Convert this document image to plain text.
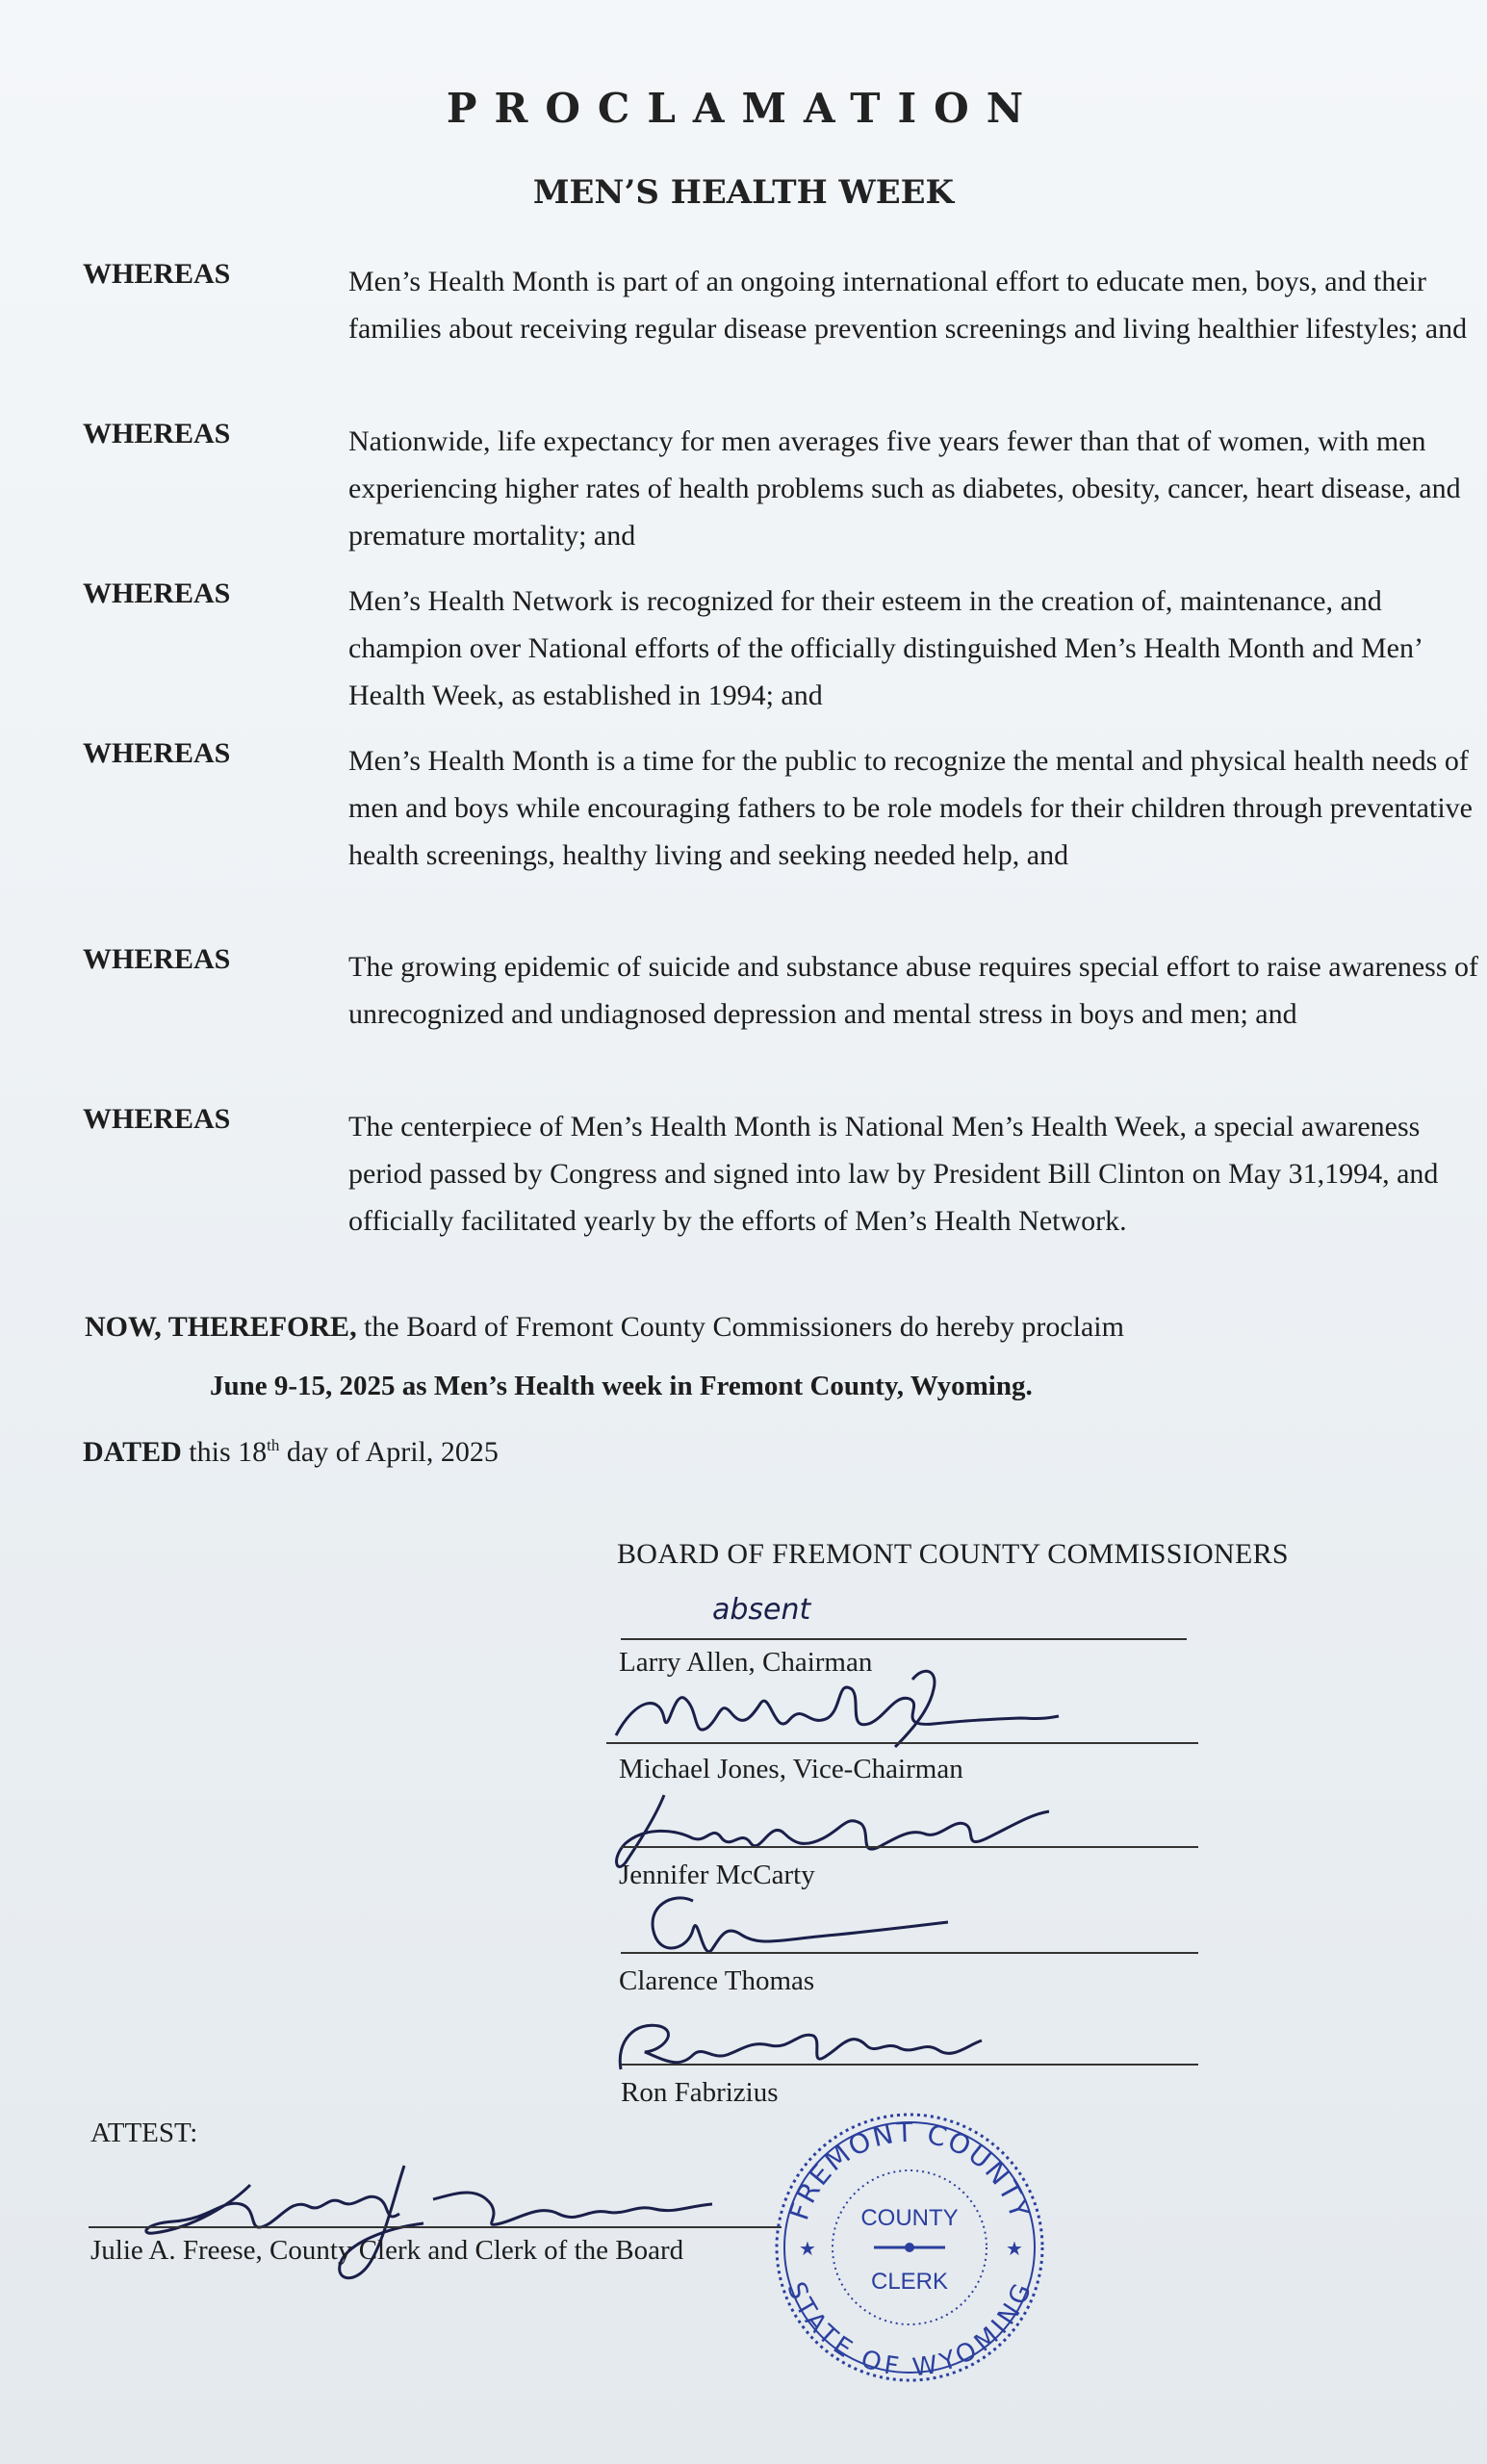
PROCLAMATION
MEN’S HEALTH WEEK
WHEREAS	Men’s Health Month is part of an ongoing international effort to educate men, boys, and their families about receiving regular disease prevention screenings and living healthier lifestyles; and
WHEREAS	Nationwide, life expectancy for men averages five years fewer than that of women, with men experiencing higher rates of health problems such as diabetes, obesity, cancer, heart disease, and premature mortality; and
WHEREAS	Men’s Health Network is recognized for their esteem in the creation of, maintenance, and champion over National efforts of the officially distinguished Men’s Health Month and Men’ Health Week, as established in 1994; and
WHEREAS	Men’s Health Month is a time for the public to recognize the mental and physical health needs of men and boys while encouraging fathers to be role models for their children through preventative health screenings, healthy living and seeking needed help, and
WHEREAS	The growing epidemic of suicide and substance abuse requires special effort to raise awareness of unrecognized and undiagnosed depression and mental stress in boys and men; and
WHEREAS	The centerpiece of Men’s Health Month is National Men’s Health Week, a special awareness period passed by Congress and signed into law by President Bill Clinton on May 31,1994, and officially facilitated yearly by the efforts of Men’s Health Network.
NOW, THEREFORE, the Board of Fremont County Commissioners do hereby proclaim
June 9-15, 2025 as Men’s Health week in Fremont County, Wyoming.
DATED this 18th day of April, 2025
BOARD OF FREMONT COUNTY COMMISSIONERS
absent
Larry Allen, Chairman
Michael Jones, Vice-Chairman
Jennifer McCarty
Clarence Thomas
Ron Fabrizius
ATTEST:
Julie A. Freese, County Clerk and Clerk of the Board
FREMONT COUNTY
STATE OF WYOMING
★	★
COUNTY
CLERK
